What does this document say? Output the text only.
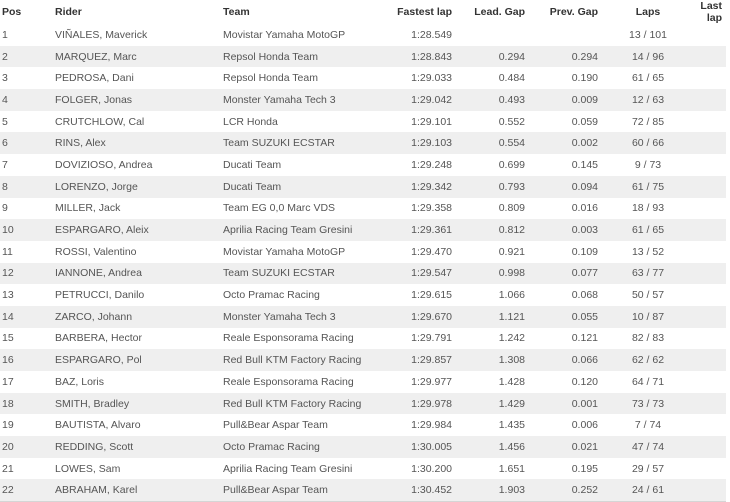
Pos	Rider	Team	Fastest lap	Lead. Gap	Prev. Gap	Laps	Last lap
1	VIÑALES, Maverick	Movistar Yamaha MotoGP	1:28.549			13 / 101	
2	MARQUEZ, Marc	Repsol Honda Team	1:28.843	0.294	0.294	14 / 96	
3	PEDROSA, Dani	Repsol Honda Team	1:29.033	0.484	0.190	61 / 65	
4	FOLGER, Jonas	Monster Yamaha Tech 3	1:29.042	0.493	0.009	12 / 63	
5	CRUTCHLOW, Cal	LCR Honda	1:29.101	0.552	0.059	72 / 85	
6	RINS, Alex	Team SUZUKI ECSTAR	1:29.103	0.554	0.002	60 / 66	
7	DOVIZIOSO, Andrea	Ducati Team	1:29.248	0.699	0.145	9 / 73	
8	LORENZO, Jorge	Ducati Team	1:29.342	0.793	0.094	61 / 75	
9	MILLER, Jack	Team EG 0,0 Marc VDS	1:29.358	0.809	0.016	18 / 93	
10	ESPARGARO, Aleix	Aprilia Racing Team Gresini	1:29.361	0.812	0.003	61 / 65	
11	ROSSI, Valentino	Movistar Yamaha MotoGP	1:29.470	0.921	0.109	13 / 52	
12	IANNONE, Andrea	Team SUZUKI ECSTAR	1:29.547	0.998	0.077	63 / 77	
13	PETRUCCI, Danilo	Octo Pramac Racing	1:29.615	1.066	0.068	50 / 57	
14	ZARCO, Johann	Monster Yamaha Tech 3	1:29.670	1.121	0.055	10 / 87	
15	BARBERA, Hector	Reale Esponsorama Racing	1:29.791	1.242	0.121	82 / 83	
16	ESPARGARO, Pol	Red Bull KTM Factory Racing	1:29.857	1.308	0.066	62 / 62	
17	BAZ, Loris	Reale Esponsorama Racing	1:29.977	1.428	0.120	64 / 71	
18	SMITH, Bradley	Red Bull KTM Factory Racing	1:29.978	1.429	0.001	73 / 73	
19	BAUTISTA, Alvaro	Pull&Bear Aspar Team	1:29.984	1.435	0.006	7 / 74	
20	REDDING, Scott	Octo Pramac Racing	1:30.005	1.456	0.021	47 / 74	
21	LOWES, Sam	Aprilia Racing Team Gresini	1:30.200	1.651	0.195	29 / 57	
22	ABRAHAM, Karel	Pull&Bear Aspar Team	1:30.452	1.903	0.252	24 / 61	
